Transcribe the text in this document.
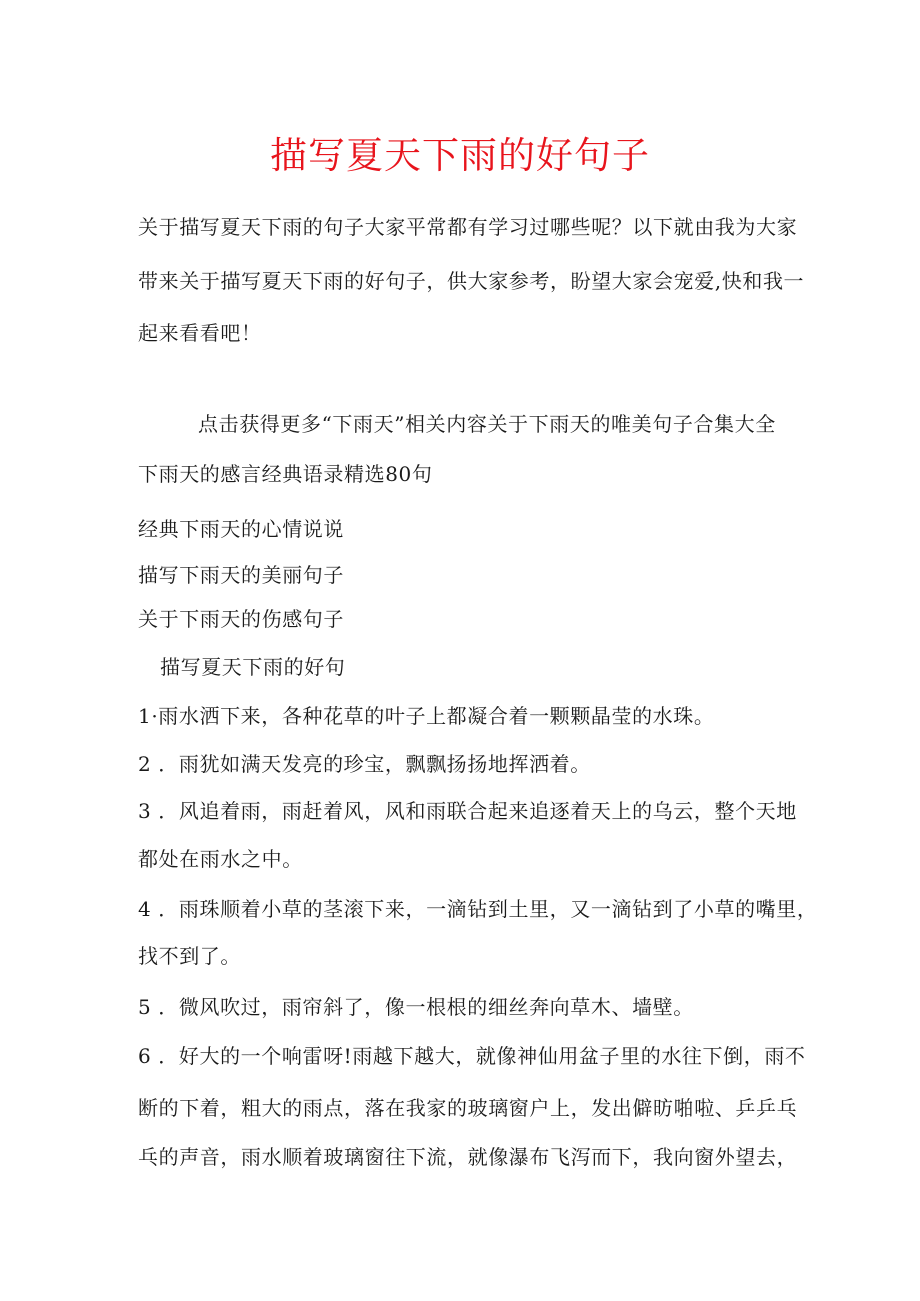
描写夏天下雨的好句子
关于描写夏天下雨的句子大家平常都有学习过哪些呢？以下就由我为大家
带来关于描写夏天下雨的好句子，供大家参考，盼望大家会宠爱,快和我一
起来看看吧！
点击获得更多“下雨天”相关内容关于下雨天的唯美句子合集大全
下雨天的感言经典语录精选80句
经典下雨天的心情说说
描写下雨天的美丽句子
关于下雨天的伤感句子
描写夏天下雨的好句
1·雨水洒下来，各种花草的叶子上都凝合着一颗颗晶莹的水珠。
2 ．雨犹如满天发亮的珍宝，飘飘扬扬地挥洒着。
3 ．风追着雨，雨赶着风，风和雨联合起来追逐着天上的乌云，整个天地
都处在雨水之中。
4 ．雨珠顺着小草的茎滚下来，一滴钻到土里，又一滴钻到了小草的嘴里，
找不到了。
5 ．微风吹过，雨帘斜了，像一根根的细丝奔向草木、墙壁。
6 ．好大的一个响雷呀!雨越下越大，就像神仙用盆子里的水往下倒，雨不
断的下着，粗大的雨点，落在我家的玻璃窗户上，发出僻昉啪啦、乒乒乓
乓的声音，雨水顺着玻璃窗往下流，就像瀑布飞泻而下，我向窗外望去，
